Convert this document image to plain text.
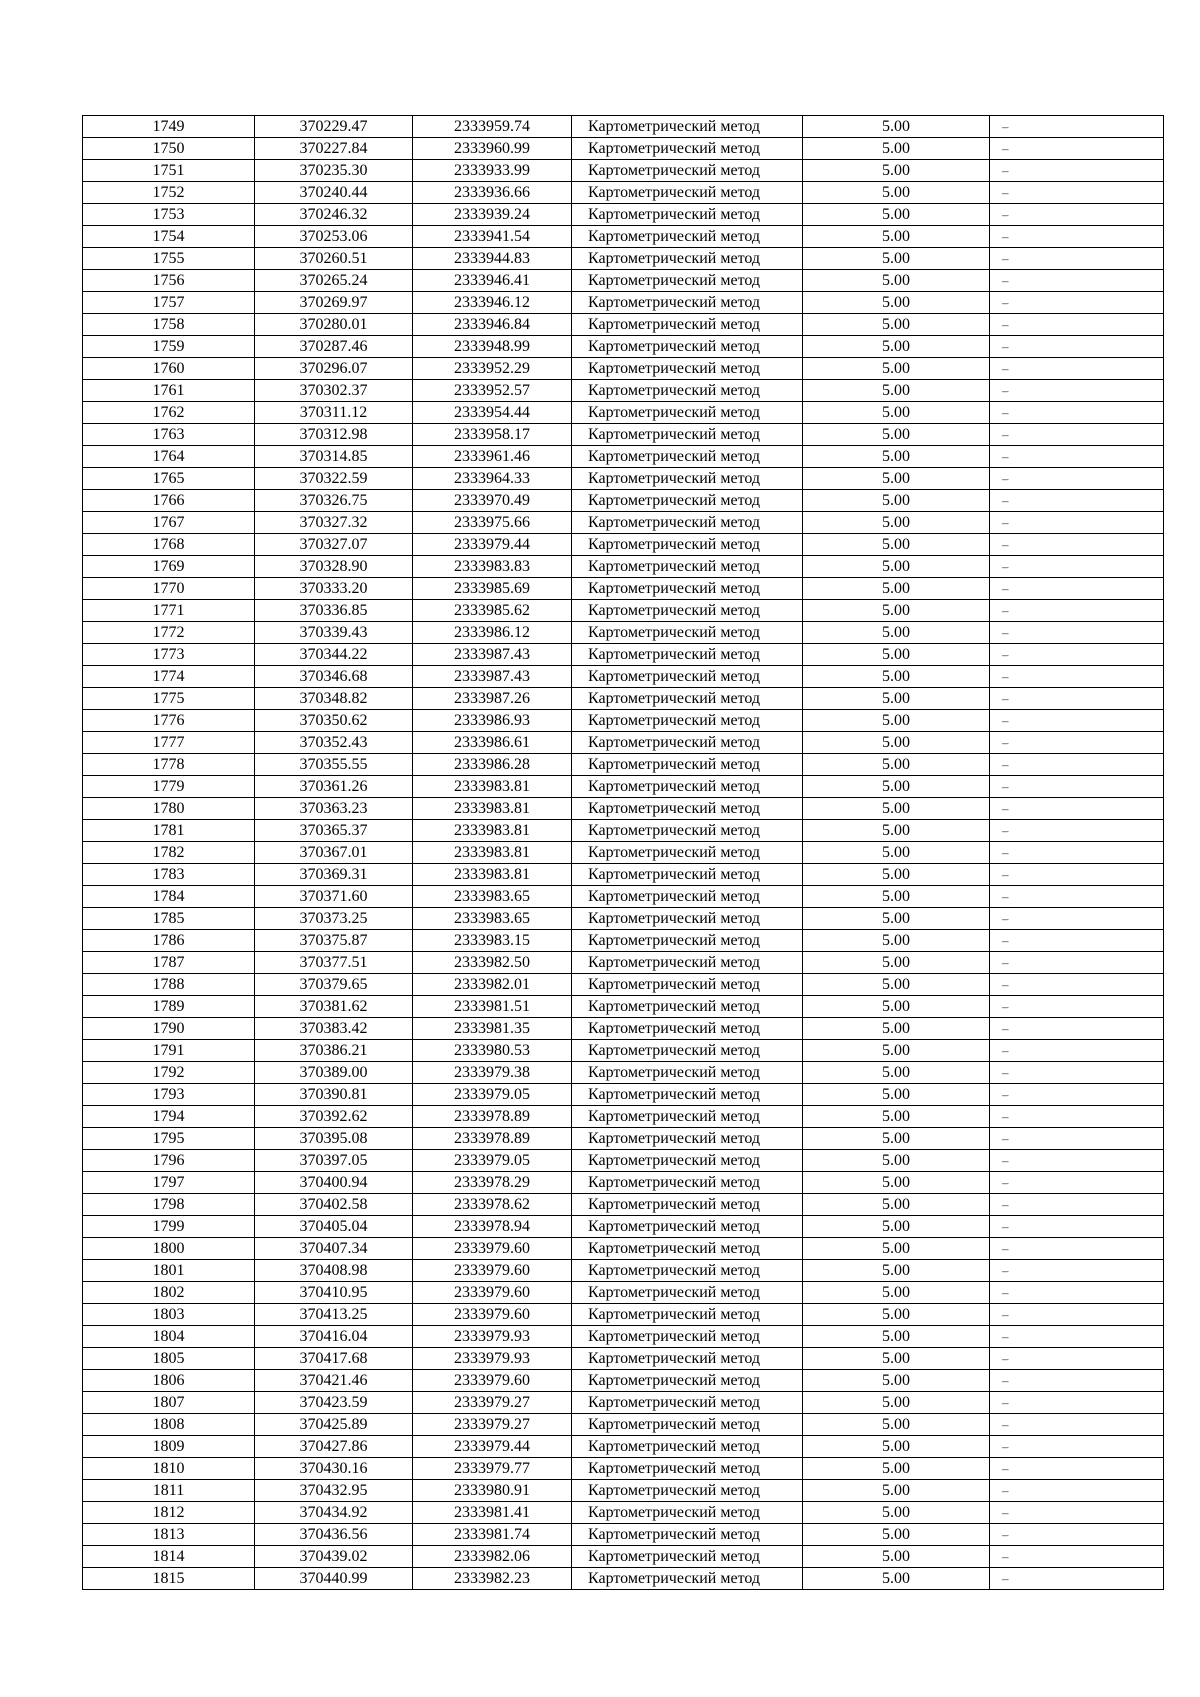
1749	370229.47	2333959.74	Картометрический метод	5.00	–
1750	370227.84	2333960.99	Картометрический метод	5.00	–
1751	370235.30	2333933.99	Картометрический метод	5.00	–
1752	370240.44	2333936.66	Картометрический метод	5.00	–
1753	370246.32	2333939.24	Картометрический метод	5.00	–
1754	370253.06	2333941.54	Картометрический метод	5.00	–
1755	370260.51	2333944.83	Картометрический метод	5.00	–
1756	370265.24	2333946.41	Картометрический метод	5.00	–
1757	370269.97	2333946.12	Картометрический метод	5.00	–
1758	370280.01	2333946.84	Картометрический метод	5.00	–
1759	370287.46	2333948.99	Картометрический метод	5.00	–
1760	370296.07	2333952.29	Картометрический метод	5.00	–
1761	370302.37	2333952.57	Картометрический метод	5.00	–
1762	370311.12	2333954.44	Картометрический метод	5.00	–
1763	370312.98	2333958.17	Картометрический метод	5.00	–
1764	370314.85	2333961.46	Картометрический метод	5.00	–
1765	370322.59	2333964.33	Картометрический метод	5.00	–
1766	370326.75	2333970.49	Картометрический метод	5.00	–
1767	370327.32	2333975.66	Картометрический метод	5.00	–
1768	370327.07	2333979.44	Картометрический метод	5.00	–
1769	370328.90	2333983.83	Картометрический метод	5.00	–
1770	370333.20	2333985.69	Картометрический метод	5.00	–
1771	370336.85	2333985.62	Картометрический метод	5.00	–
1772	370339.43	2333986.12	Картометрический метод	5.00	–
1773	370344.22	2333987.43	Картометрический метод	5.00	–
1774	370346.68	2333987.43	Картометрический метод	5.00	–
1775	370348.82	2333987.26	Картометрический метод	5.00	–
1776	370350.62	2333986.93	Картометрический метод	5.00	–
1777	370352.43	2333986.61	Картометрический метод	5.00	–
1778	370355.55	2333986.28	Картометрический метод	5.00	–
1779	370361.26	2333983.81	Картометрический метод	5.00	–
1780	370363.23	2333983.81	Картометрический метод	5.00	–
1781	370365.37	2333983.81	Картометрический метод	5.00	–
1782	370367.01	2333983.81	Картометрический метод	5.00	–
1783	370369.31	2333983.81	Картометрический метод	5.00	–
1784	370371.60	2333983.65	Картометрический метод	5.00	–
1785	370373.25	2333983.65	Картометрический метод	5.00	–
1786	370375.87	2333983.15	Картометрический метод	5.00	–
1787	370377.51	2333982.50	Картометрический метод	5.00	–
1788	370379.65	2333982.01	Картометрический метод	5.00	–
1789	370381.62	2333981.51	Картометрический метод	5.00	–
1790	370383.42	2333981.35	Картометрический метод	5.00	–
1791	370386.21	2333980.53	Картометрический метод	5.00	–
1792	370389.00	2333979.38	Картометрический метод	5.00	–
1793	370390.81	2333979.05	Картометрический метод	5.00	–
1794	370392.62	2333978.89	Картометрический метод	5.00	–
1795	370395.08	2333978.89	Картометрический метод	5.00	–
1796	370397.05	2333979.05	Картометрический метод	5.00	–
1797	370400.94	2333978.29	Картометрический метод	5.00	–
1798	370402.58	2333978.62	Картометрический метод	5.00	–
1799	370405.04	2333978.94	Картометрический метод	5.00	–
1800	370407.34	2333979.60	Картометрический метод	5.00	–
1801	370408.98	2333979.60	Картометрический метод	5.00	–
1802	370410.95	2333979.60	Картометрический метод	5.00	–
1803	370413.25	2333979.60	Картометрический метод	5.00	–
1804	370416.04	2333979.93	Картометрический метод	5.00	–
1805	370417.68	2333979.93	Картометрический метод	5.00	–
1806	370421.46	2333979.60	Картометрический метод	5.00	–
1807	370423.59	2333979.27	Картометрический метод	5.00	–
1808	370425.89	2333979.27	Картометрический метод	5.00	–
1809	370427.86	2333979.44	Картометрический метод	5.00	–
1810	370430.16	2333979.77	Картометрический метод	5.00	–
1811	370432.95	2333980.91	Картометрический метод	5.00	–
1812	370434.92	2333981.41	Картометрический метод	5.00	–
1813	370436.56	2333981.74	Картометрический метод	5.00	–
1814	370439.02	2333982.06	Картометрический метод	5.00	–
1815	370440.99	2333982.23	Картометрический метод	5.00	–
